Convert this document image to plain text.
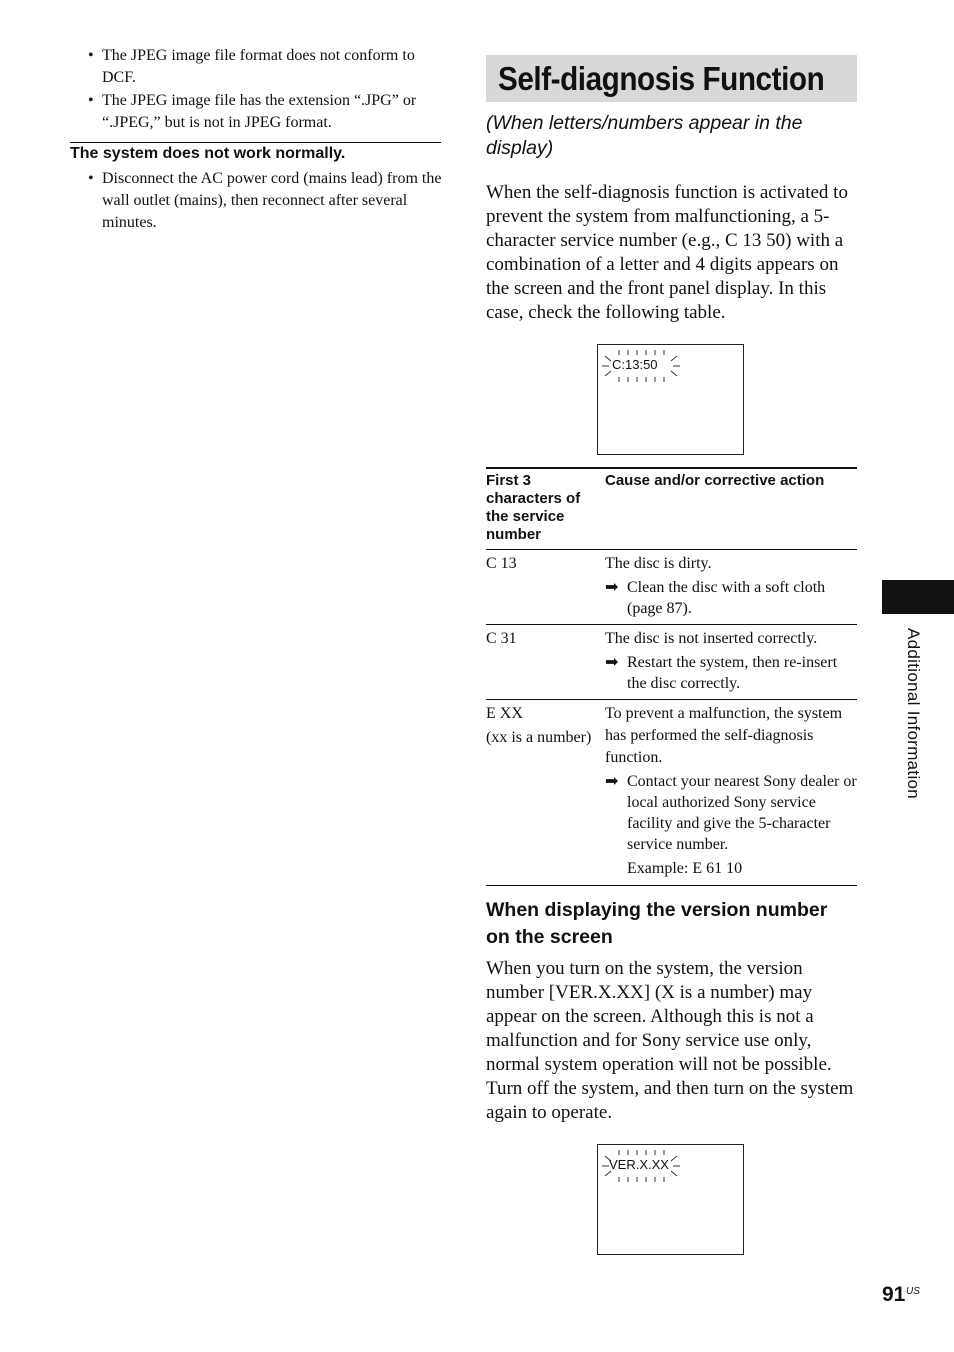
• The JPEG image file format does not conform to DCF.
• The JPEG image file has the extension “.JPG” or “.JPEG,” but is not in JPEG format.
The system does not work normally.
• Disconnect the AC power cord (mains lead) from the wall outlet (mains), then reconnect after several minutes.
Self-diagnosis Function
(When letters/numbers appear in the display)
When the self-diagnosis function is activated to prevent the system from malfunctioning, a 5-character service number (e.g., C 13 50) with a combination of a letter and 4 digits appears on the screen and the front panel display. In this case, check the following table.
C:13:50
First 3 characters of the service number
Cause and/or corrective action
C 13	The disc is dirty.
➡ Clean the disc with a soft cloth (page 87).
C 31	The disc is not inserted correctly.
➡ Restart the system, then re-insert the disc correctly.
E XX
(xx is a number)
To prevent a malfunction, the system has performed the self-diagnosis function.
➡ Contact your nearest Sony dealer or local authorized Sony service facility and give the 5-character service number.
Example: E 61 10
When displaying the version number on the screen
When you turn on the system, the version number [VER.X.XX] (X is a number) may appear on the screen. Although this is not a malfunction and for Sony service use only, normal system operation will not be possible. Turn off the system, and then turn on the system again to operate.
VER.X.XX
Additional Information
91 US
